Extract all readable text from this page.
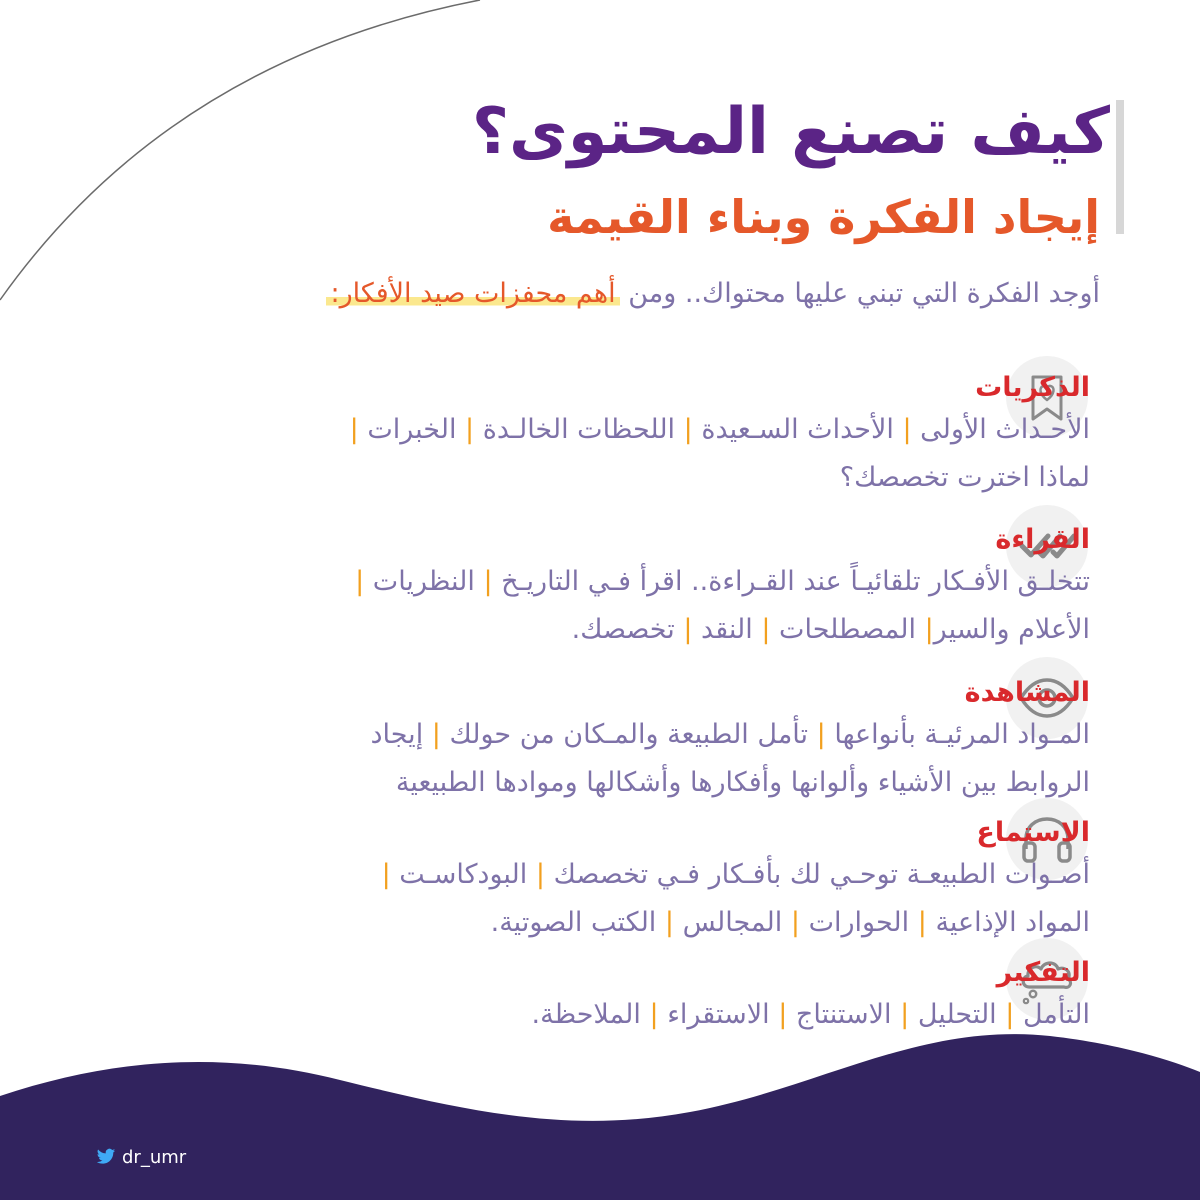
كيف تصنع المحتوى؟
إيجاد الفكرة وبناء القيمة
أوجد الفكرة التي تبني عليها محتواك.. ومن أهم محفزات صيد الأفكار:

الذكريات

الأحـداث الأولى | الأحداث السـعيدة | اللحظات الخالـدة | الخبرات |

لماذا اخترت تخصصك؟

القراءة

تتخلـق الأفـكار تلقائيـاً عند القـراءة.. اقرأ فـي التاريـخ | النظريات |

الأعلام والسير| المصطلحات | النقد | تخصصك.

المشاهدة

المـواد المرئيـة بأنواعها | تأمل الطبيعة والمـكان من حولك | إيجاد

الروابط بين الأشياء وألوانها وأفكارها وأشكالها وموادها الطبيعية

الاستماع

أصـوات الطبيعـة توحـي لك بأفـكار فـي تخصصك | البودكاسـت |

المواد الإذاعية | الحوارات | المجالس | الكتب الصوتية.

التفكير

التأمل | التحليل | الاستنتاج | الاستقراء | الملاحظة.

dr_umr
